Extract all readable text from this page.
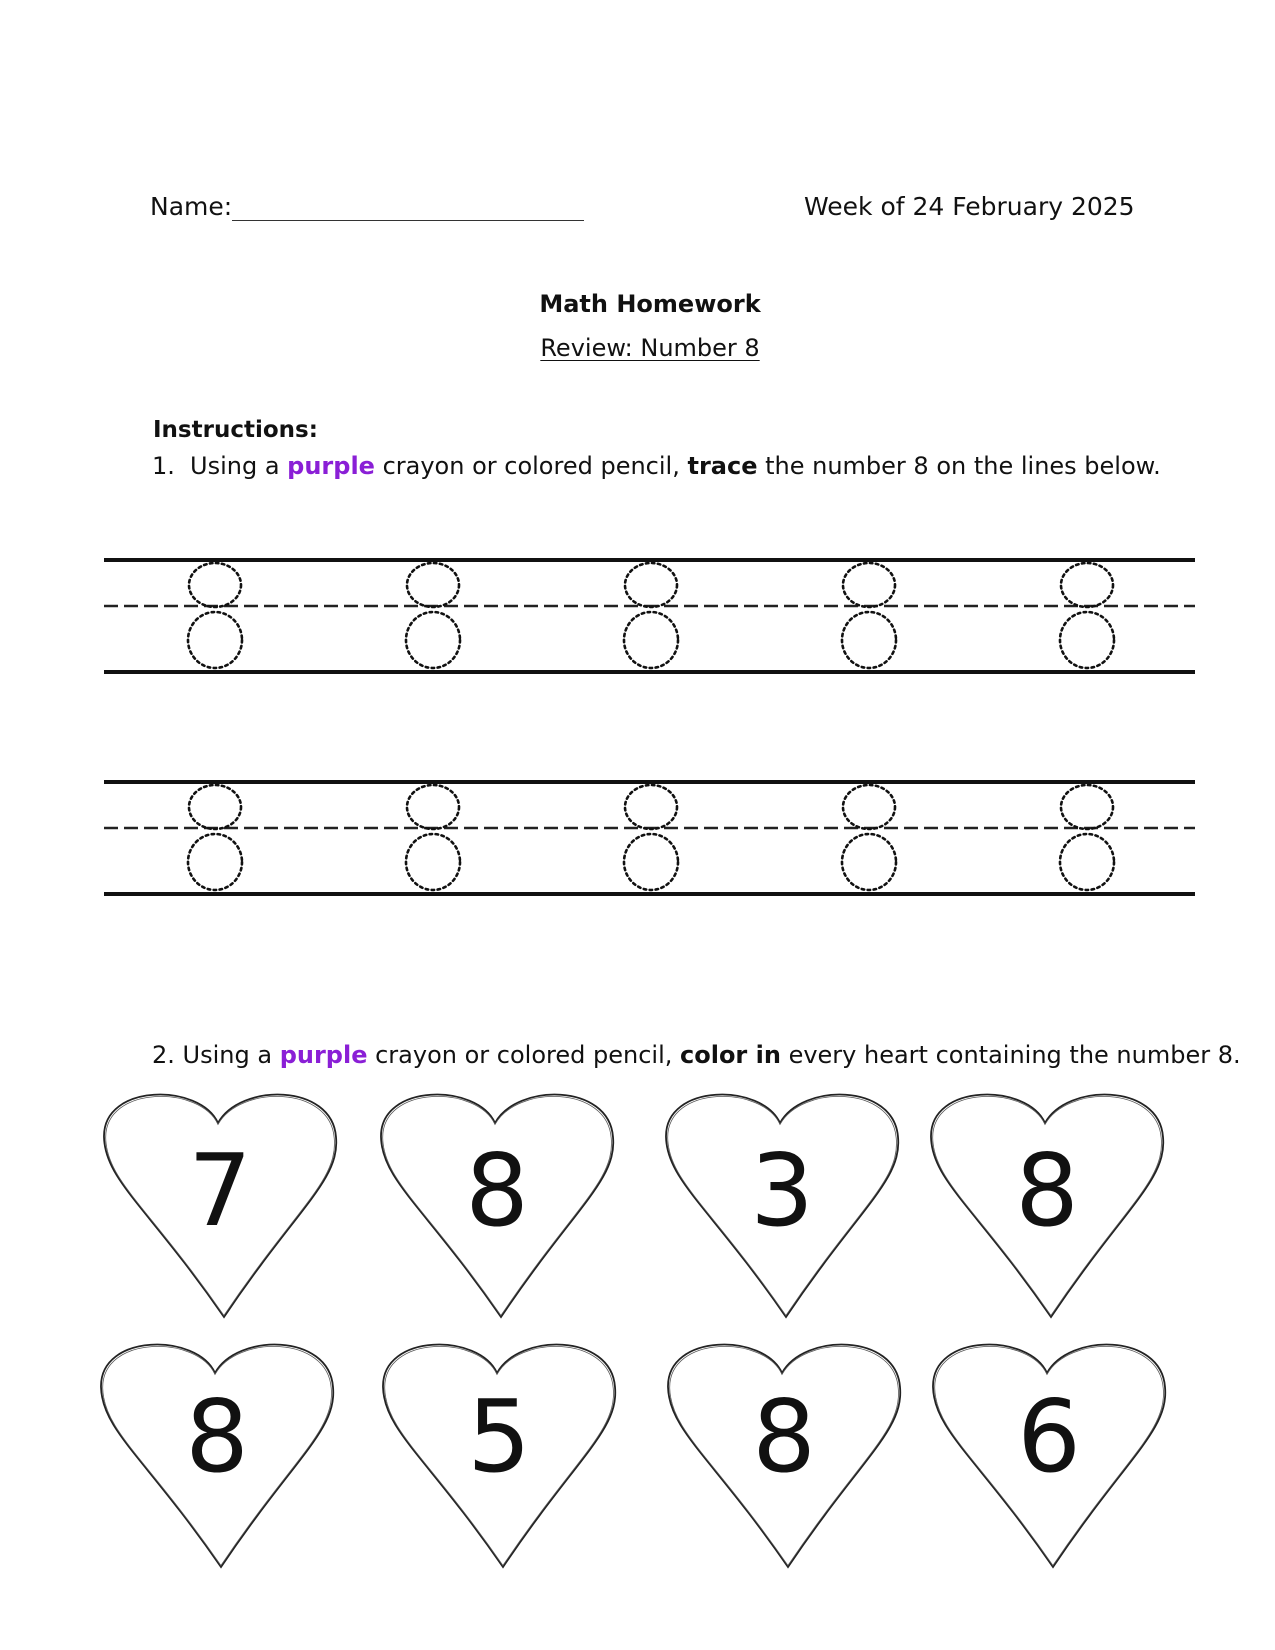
Name:	Week of 24 February 2025
Math Homework
Review: Number 8
Instructions:
1. Using a purple crayon or colored pencil, trace the number 8 on the lines below.
2. Using a purple crayon or colored pencil, color in every heart containing the number 8.
7 8 3 8
8 5 8 6
